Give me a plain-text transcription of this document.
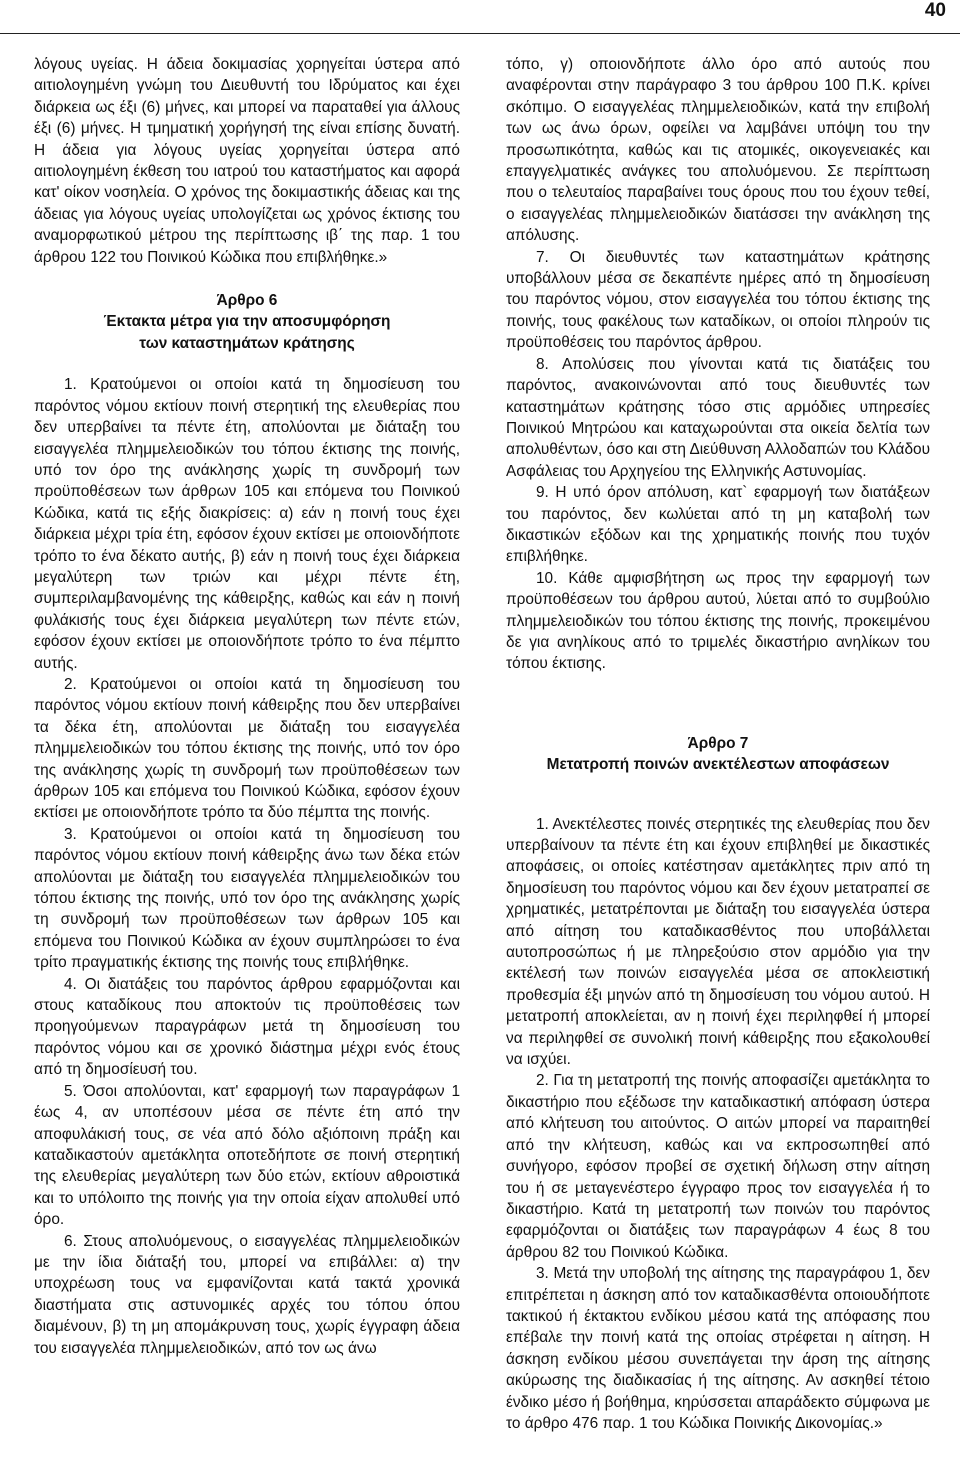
40

λόγους υγείας. Η άδεια δοκιμασίας χορηγείται ύστερα από αιτιολογημένη γνώμη του Διευθυντή του Ιδρύματος και έχει διάρκεια ως έξι (6) μήνες, και μπορεί να παραταθεί για άλλους έξι (6) μήνες. Η τμηματική χορήγησή της είναι επίσης δυνατή. Η άδεια για λόγους υγείας χορηγείται ύστερα από αιτιολογημένη έκθεση του ιατρού του καταστήματος και αφορά κατ' οίκον νοσηλεία. Ο χρόνος της δοκιμαστικής άδειας και της άδειας για λόγους υγείας υπολογίζεται ως χρόνος έκτισης του αναμορφωτικού μέτρου της περίπτωσης ιβ΄ της παρ. 1 του άρθρου 122 του Ποινικού Κώδικα που επιβλήθηκε.»

Άρθρο 6

Έκτακτα μέτρα για την αποσυμφόρηση

των καταστημάτων κράτησης

1. Κρατούμενοι οι οποίοι κατά τη δημοσίευση του παρόντος νόμου εκτίουν ποινή στερητική της ελευθερίας που δεν υπερβαίνει τα πέντε έτη, απολύονται με διάταξη του εισαγγελέα πλημμελειοδικών του τόπου έκτισης της ποινής, υπό τον όρο της ανάκλησης χωρίς τη συνδρομή των προϋποθέσεων των άρθρων 105 και επόμενα του Ποινικού Κώδικα, κατά τις εξής διακρίσεις: α) εάν η ποινή τους έχει διάρκεια μέχρι τρία έτη, εφόσον έχουν εκτίσει με οποιονδήποτε τρόπο το ένα δέκατο αυτής, β) εάν η ποινή τους έχει διάρκεια μεγαλύτερη των τριών και μέχρι πέντε έτη, συμπεριλαμβανομένης της κάθειρξης, καθώς και εάν η ποινή φυλάκισής τους έχει διάρκεια μεγαλύτερη των πέντε ετών, εφόσον έχουν εκτίσει με οποιονδήποτε τρόπο το ένα πέμπτο αυτής.

2. Κρατούμενοι οι οποίοι κατά τη δημοσίευση του παρόντος νόμου εκτίουν ποινή κάθειρξης που δεν υπερβαίνει τα δέκα έτη, απολύονται με διάταξη του εισαγγελέα πλημμελειοδικών του τόπου έκτισης της ποινής, υπό τον όρο της ανάκλησης χωρίς τη συνδρομή των προϋποθέσεων των άρθρων 105 και επόμενα του Ποινικού Κώδικα, εφόσον έχουν εκτίσει με οποιονδήποτε τρόπο τα δύο πέμπτα της ποινής.

3. Κρατούμενοι οι οποίοι κατά τη δημοσίευση του παρόντος νόμου εκτίουν ποινή κάθειρξης άνω των δέκα ετών απολύονται με διάταξη του εισαγγελέα πλημμελειοδικών του τόπου έκτισης της ποινής, υπό τον όρο της ανάκλησης χωρίς τη συνδρομή των προϋποθέσεων των άρθρων 105 και επόμενα του Ποινικού Κώδικα αν έχουν συμπληρώσει το ένα τρίτο πραγματικής έκτισης της ποινής τους επιβλήθηκε.

4. Οι διατάξεις του παρόντος άρθρου εφαρμόζονται και στους καταδίκους που αποκτούν τις προϋποθέσεις των προηγούμενων παραγράφων μετά τη δημοσίευση του παρόντος νόμου και σε χρονικό διάστημα μέχρι ενός έτους από τη δημοσίευσή του.

5. Όσοι απολύονται, κατ' εφαρμογή των παραγράφων 1 έως 4, αν υποπέσουν μέσα σε πέντε έτη από την αποφυλάκισή τους, σε νέα από δόλο αξιόποινη πράξη και καταδικαστούν αμετάκλητα οποτεδήποτε σε ποινή στερητική της ελευθερίας μεγαλύτερη των δύο ετών, εκτίουν αθροιστικά και το υπόλοιπο της ποινής για την οποία είχαν απολυθεί υπό όρο.

6. Στους απολυόμενους, ο εισαγγελέας πλημμελειοδικών με την ίδια διάταξή του, μπορεί να επιβάλλει: α) την υποχρέωση τους να εμφανίζονται κατά τακτά χρονικά διαστήματα στις αστυνομικές αρχές του τόπου όπου διαμένουν, β) τη μη απομάκρυνση τους, χωρίς έγγραφη άδεια του εισαγγελέα πλημμελειοδικών, από τον ως άνω

τόπο, γ) οποιονδήποτε άλλο όρο από αυτούς που αναφέρονται στην παράγραφο 3 του άρθρου 100 Π.Κ. κρίνει σκόπιμο. Ο εισαγγελέας πλημμελειοδικών, κατά την επιβολή των ως άνω όρων, οφείλει να λαμβάνει υπόψη του την προσωπικότητα, καθώς και τις ατομικές, οικογενειακές και επαγγελματικές ανάγκες του απολυόμενου. Σε περίπτωση που ο τελευταίος παραβαίνει τους όρους που του έχουν τεθεί, ο εισαγγελέας πλημμελειοδικών διατάσσει την ανάκληση της απόλυσης.

7. Οι διευθυντές των καταστημάτων κράτησης υποβάλλουν μέσα σε δεκαπέντε ημέρες από τη δημοσίευση του παρόντος νόμου, στον εισαγγελέα του τόπου έκτισης της ποινής, τους φακέλους των καταδίκων, οι οποίοι πληρούν τις προϋποθέσεις του παρόντος άρθρου.

8. Απολύσεις που γίνονται κατά τις διατάξεις του παρόντος, ανακοινώνονται από τους διευθυντές των καταστημάτων κράτησης τόσο στις αρμόδιες υπηρεσίες Ποινικού Μητρώου και καταχωρούνται στα οικεία δελτία των απολυθέντων, όσο και στη Διεύθυνση Αλλοδαπών του Κλάδου Ασφάλειας του Αρχηγείου της Ελληνικής Αστυνομίας.

9. Η υπό όρον απόλυση, κατ` εφαρμογή των διατάξεων του παρόντος, δεν κωλύεται από τη μη καταβολή των δικαστικών εξόδων και της χρηματικής ποινής που τυχόν επιβλήθηκε.

10. Κάθε αμφισβήτηση ως προς την εφαρμογή των προϋποθέσεων του άρθρου αυτού, λύεται από το συμβούλιο πλημμελειοδικών του τόπου έκτισης της ποινής, προκειμένου δε για ανηλίκους από το τριμελές δικαστήριο ανηλίκων του τόπου έκτισης.

Άρθρο 7

Μετατροπή ποινών ανεκτέλεστων αποφάσεων

1. Ανεκτέλεστες ποινές στερητικές της ελευθερίας που δεν υπερβαίνουν τα πέντε έτη και έχουν επιβληθεί με δικαστικές αποφάσεις, οι οποίες κατέστησαν αμετάκλητες πριν από τη δημοσίευση του παρόντος νόμου και δεν έχουν μετατραπεί σε χρηματικές, μετατρέπονται με διάταξη του εισαγγελέα ύστερα από αίτηση του καταδικασθέντος που υποβάλλεται αυτοπροσώπως ή με πληρεξούσιο στον αρμόδιο για την εκτέλεσή των ποινών εισαγγελέα μέσα σε αποκλειστική προθεσμία έξι μηνών από τη δημοσίευση του νόμου αυτού. Η μετατροπή αποκλείεται, αν η ποινή έχει περιληφθεί ή μπορεί να περιληφθεί σε συνολική ποινή κάθειρξης που εξακολουθεί να ισχύει.

2. Για τη μετατροπή της ποινής αποφασίζει αμετάκλητα το δικαστήριο που εξέδωσε την καταδικαστική απόφαση ύστερα από κλήτευση του αιτούντος. Ο αιτών μπορεί να παραιτηθεί από την κλήτευση, καθώς και να εκπροσωπηθεί από συνήγορο, εφόσον προβεί σε σχετική δήλωση στην αίτηση του ή σε μεταγενέστερο έγγραφο προς τον εισαγγελέα ή το δικαστήριο. Κατά τη μετατροπή των ποινών του παρόντος εφαρμόζονται οι διατάξεις των παραγράφων 4 έως 8 του άρθρου 82 του Ποινικού Κώδικα.

3. Μετά την υποβολή της αίτησης της παραγράφου 1, δεν επιτρέπεται η άσκηση από τον καταδικασθέντα οποιουδήποτε τακτικού ή έκτακτου ενδίκου μέσου κατά της απόφασης που επέβαλε την ποινή κατά της οποίας στρέφεται η αίτηση. Η άσκηση ενδίκου μέσου συνεπάγεται την άρση της αίτησης ακύρωσης της διαδικασίας ή της αίτησης. Αν ασκηθεί τέτοιο ένδικο μέσο ή βοήθημα, κηρύσσεται απαράδεκτο σύμφωνα με το άρθρο 476 παρ. 1 του Κώδικα Ποινικής Δικονομίας.»
